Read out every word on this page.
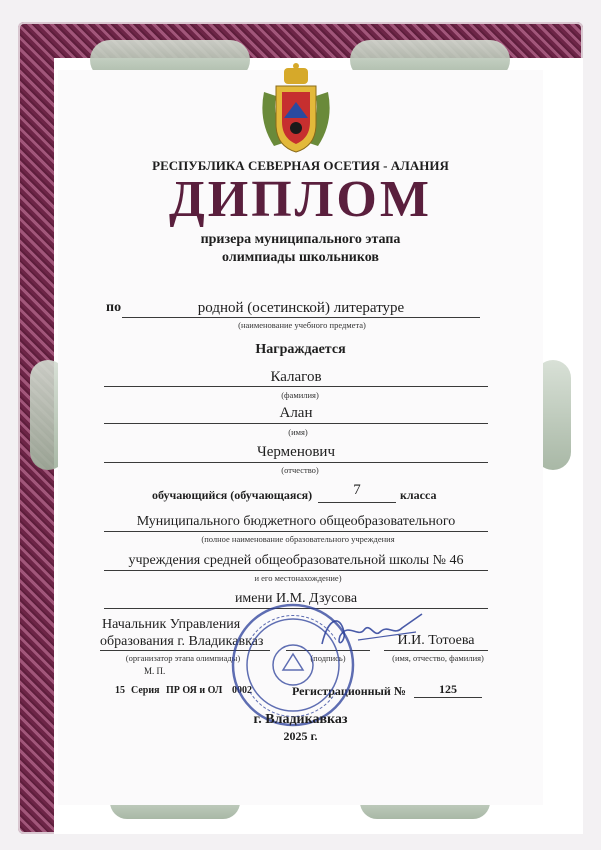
РЕСПУБЛИКА СЕВЕРНАЯ ОСЕТИЯ - АЛАНИЯ
ДИПЛОМ
призера муниципального этапа
олимпиады школьников
по	родной (осетинской) литературе
(наименование учебного предмета)
Награждается
Калагов
(фамилия)
Алан
(имя)
Черменович
(отчество)
обучающийся (обучающаяся)	7	класса
Муниципального бюджетного общеобразовательного
(полное наименование образовательного учреждения
учреждения средней общеобразовательной школы № 46
и его местонахождение)
имени И.М. Дзусова
Начальник Управления
образования г. Владикавказ	И.И. Тотоева
(организатор этапа олимпиады)	(подпись)	(имя, отчество, фамилия)
М. П.
15 Серия ПР ОЯ и ОЛ 0002	Регистрационный №	125
г. Владикавказ
2025 г.
